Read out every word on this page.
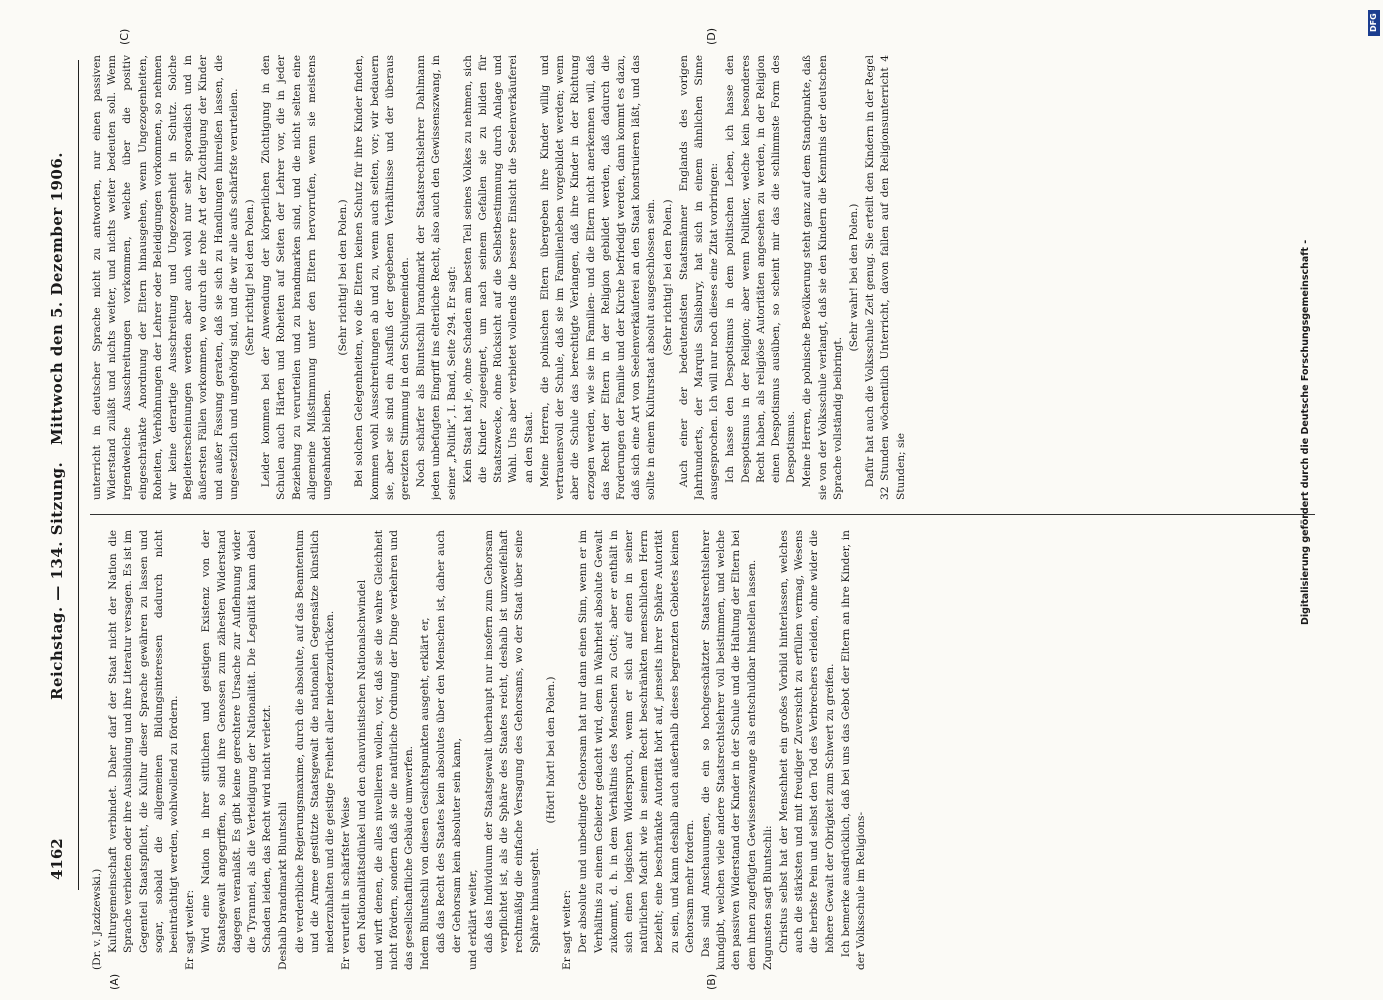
4162
Reichstag. — 134. Sitzung.
Mittwoch den 5. Dezember 1906.
(A)	(B)
(C)	(D)

(Dr. v. Jazdzewski.) Kulturgemeinschaft verbindet. Daher darf der Staat nicht der Nation die Sprache verbieten oder ihre Ausbildung und ihre Literatur versagen. Es ist im Gegenteil Staatspflicht, die Kultur dieser Sprache gewähren zu lassen und sogar, sobald die allgemeinen Bildungsinteressen dadurch nicht beeinträchtigt werden, wohlwollend zu fördern. Er sagt weiter: Wird eine Nation in ihrer sittlichen und geistigen Existenz von der Staatsgewalt angegriffen, so sind ihre Genossen zum zähesten Widerstand dagegen veranlaßt. Es gibt keine gerechtere Ursache zur Auflehnung wider die Tyrannei, als die Verteidigung der Nationalität. Die Legalität kann dabei Schaden leiden, das Recht wird nicht verletzt. Deshalb brandmarkt Bluntschli die verderbliche Regierungsmaxime, durch die absolute, auf das Beamtentum und die Armee gestützte Staatsgewalt die nationalen Gegensätze künstlich niederzuhalten und die geistige Freiheit aller niederzudrücken. Er verurteilt in schärfster Weise den Nationalitätsdünkel und den chauvinistischen Nationalschwindel und wirft denen, die alles nivellieren wollen, vor, daß sie die wahre Gleichheit nicht fördern, sondern daß sie die natürliche Ordnung der Dinge verkehren und das gesellschaftliche Gebäude umwerfen. Indem Bluntschli von diesen Gesichtspunkten ausgeht, erklärt er, daß das Recht des Staates kein absolutes über den Menschen ist, daher auch der Gehorsam kein absoluter sein kann, und erklärt weiter, daß das Individuum der Staatsgewalt überhaupt nur insofern zum Gehorsam verpflichtet ist, als die Sphäre des Staates reicht, deshalb ist unzweifelhaft rechtmäßig die einfache Versagung des Gehorsams, wo der Staat über seine Sphäre hinausgeht.

(Hört! hört! bei den Polen.)

Er sagt weiter: Der absolute und unbedingte Gehorsam hat nur dann einen Sinn, wenn er im Verhältnis zu einem Gebieter gedacht wird, dem in Wahrheit absolute Gewalt zukommt, d. h. in dem Verhältnis des Menschen zu Gott; aber er enthält in sich einen logischen Widerspruch, wenn er sich auf einen in seiner natürlichen Macht wie in seinem Recht beschränkten menschlichen Herrn bezieht; eine beschränkte Autorität hört auf, jenseits ihrer Sphäre Autorität zu sein, und kann deshalb auch außerhalb dieses begrenzten Gebietes keinen Gehorsam mehr fordern. Das sind Anschauungen, die ein so hochgeschätzter Staatsrechtslehrer kundgibt, welchen viele andere Staatsrechtslehrer voll beistimmen, und welche den passiven Widerstand der Kinder in der Schule und die Haltung der Eltern bei dem ihnen zugefügten Gewissenszwange als entschuldbar hinstellen lassen. Zugunsten sagt Bluntschli: Christus selbst hat der Menschheit ein großes Vorbild hinterlassen, welches auch die stärksten und mit freudiger Zuversicht zu erfüllen vermag, Wesens die herbste Pein und selbst den Tod des Verbrechers erleiden, ohne wider die höhere Gewalt der Obrigkeit zum Schwert zu greifen. Ich bemerke ausdrücklich, daß bei uns das Gebot der Eltern an ihre Kinder, in der Volksschule im Religions-

unterricht in deutscher Sprache nicht zu antworten, nur einen passiven Widerstand zuläßt und nichts weiter, und nichts weiter bedeuten soll. Wenn irgendwelche Ausschreitungen vorkommen, welche über die positiv eingeschränkte Anordnung der Eltern hinausgehen, wenn Ungezogenheiten, Roheiten, Verhöhnungen der Lehrer oder Beleidigungen vorkommen, so nehmen wir keine derartige Ausschreitung und Ungezogenheit in Schutz. Solche Begleiterscheinungen werden aber auch wohl nur sehr sporadisch und in äußersten Fällen vorkommen, wo durch die rohe Art der Züchtigung der Kinder und außer Fassung geraten, daß sie sich zu Handlungen hinreißen lassen, die ungesetzlich und ungehörig sind, und die wir alle aufs schärfste verurteilen. (Sehr richtig! bei den Polen.) Leider kommen bei der Anwendung der körperlichen Züchtigung in den Schulen auch Härten und Roheiten auf Seiten der Lehrer vor, die in jeder Beziehung zu verurteilen und zu brandmarken sind, und die nicht selten eine allgemeine Mißstimmung unter den Eltern hervorrufen, wenn sie meistens ungeahndet bleiben.

(Sehr richtig! bei den Polen.) Bei solchen Gelegenheiten, wo die Eltern keinen Schutz für ihre Kinder finden, kommen wohl Ausschreitungen ab und zu, wenn auch selten, vor; wir bedauern sie, aber sie sind ein Ausfluß der gegebenen Verhältnisse und der überaus gereizten Stimmung in den Schulgemeinden. Noch schärfer als Bluntschli brandmarkt der Staatsrechtslehrer Dahlmann jeden unbefugten Eingriff ins elterliche Recht, also auch den Gewissenszwang, in seiner „Politik“, I. Band, Seite 294. Er sagt: Kein Staat hat je, ohne Schaden am besten Teil seines Volkes zu nehmen, sich die Kinder zugeeignet, um nach seinem Gefallen sie zu bilden für Staatszwecke, ohne Rücksicht auf die Selbstbestimmung durch Anlage und Wahl. Uns aber verbietet vollends die bessere Einsicht die Seelenverkäuferei an den Staat. Meine Herren, die polnischen Eltern übergeben ihre Kinder willig und vertrauensvoll der Schule, daß sie im Familienleben vorgebildet werden; wenn aber die Schule das berechtigte Verlangen, daß ihre Kinder in der Richtung erzogen werden, wie sie im Familien- und die Eltern nicht anerkennen will, daß das Recht der Eltern in der Religion gebildet werden, daß dadurch die Forderungen der Familie und der Kirche befriedigt werden, dann kommt es dazu, daß sich eine Art von Seelenverkäuferei an den Staat konstruieren läßt, und das sollte in einem Kulturstaat absolut ausgeschlossen sein. (Sehr richtig! bei den Polen.) Auch einer der bedeutendsten Staatsmänner Englands des vorigen Jahrhunderts, der Marquis Salisbury, hat sich in einem ähnlichen Sinne ausgesprochen. Ich will nur noch dieses eine Zitat vorbringen: Ich hasse den Despotismus in dem politischen Leben, ich hasse den Despotismus in der Religion; aber wenn Politiker, welche kein besonderes Recht haben, als religiöse Autoritäten angesehen zu werden, in der Religion einen Despotismus ausüben, so scheint mir das die schlimmste Form des Despotismus. Meine Herren, die polnische Bevölkerung steht ganz auf dem Standpunkte, daß sie von der Volksschule verlangt, daß sie den Kindern die Kenntnis der deutschen Sprache vollständig beibringt.

(Sehr wahr! bei den Polen.) Dafür hat auch die Volksschule Zeit genug. Sie erteilt den Kindern in der Regel 32 Stunden wöchentlich Unterricht, davon fallen auf den Religionsunterricht 4 Stunden; sie	Digitalisierung gefördert durch die Deutsche Forschungsgemeinschaft -
DFG
